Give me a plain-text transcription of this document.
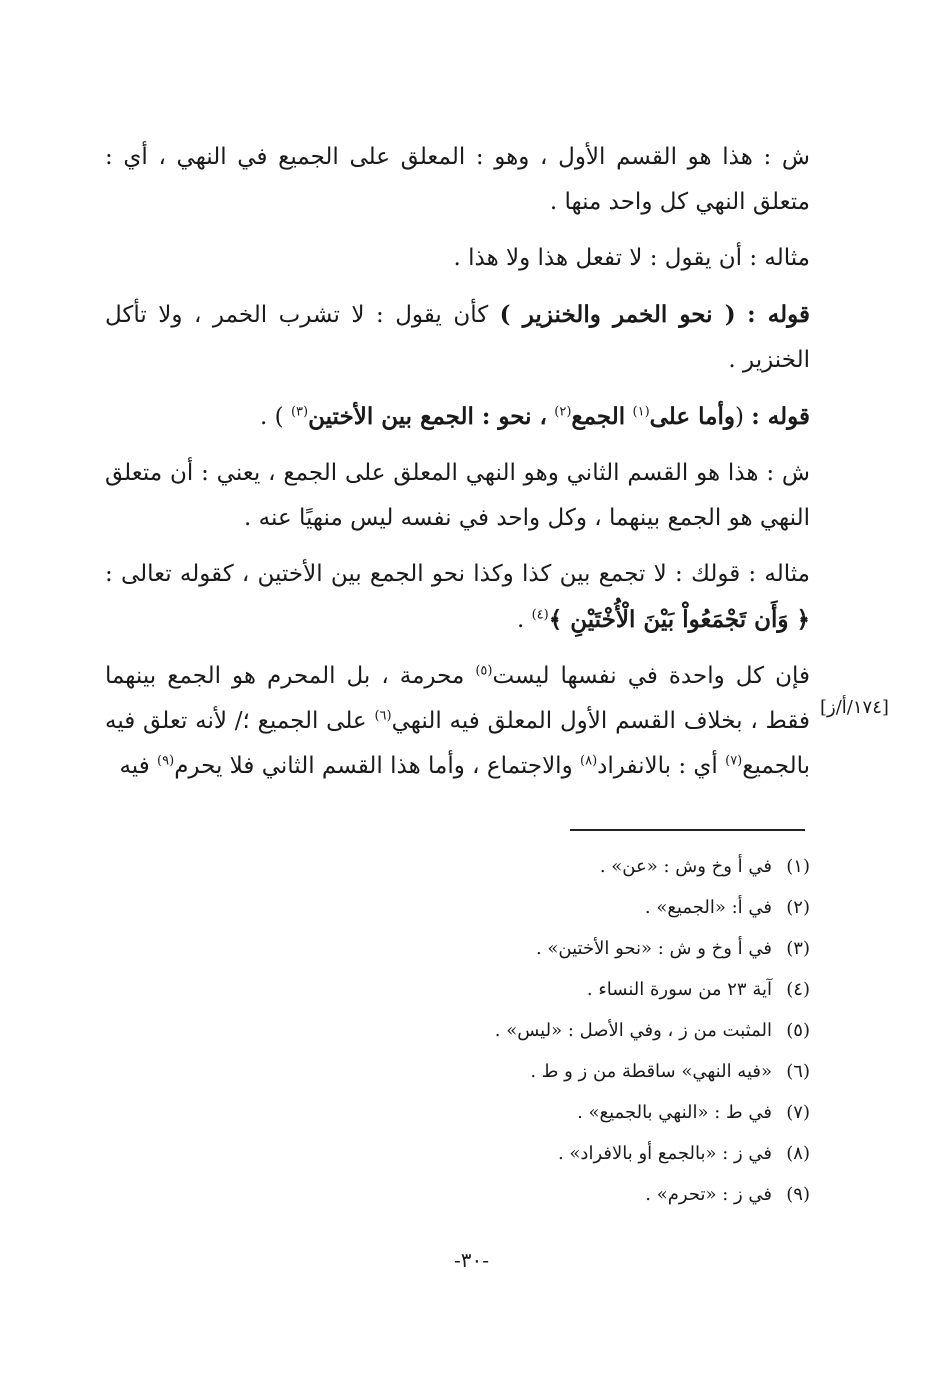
ش : هذا هو القسم الأول ، وهو : المعلق على الجميع في النهي ، أي : متعلق النهي كل واحد منها .

مثاله : أن يقول : لا تفعل هذا ولا هذا .

قوله : ( نحو الخمر والخنزير ) كأن يقول : لا تشرب الخمر ، ولا تأكل الخنزير .

قوله : (وأما على$^{(١)}$ الجمع$^{(٢)}$ ، نحو : الجمع بين الأختين$^{(٣)}$ ) .

ش : هذا هو القسم الثاني وهو النهي المعلق على الجمع ، يعني : أن متعلق النهي هو الجمع بينهما ، وكل واحد في نفسه ليس منهيًا عنه .

مثاله : قولك : لا تجمع بين كذا وكذا نحو الجمع بين الأختين ، كقوله تعالى : ﴿ وَأَن تَجْمَعُواْ بَيْنَ الْأُخْتَيْنِ ﴾$^{(٤)}$ .

فإن كل واحدة في نفسها ليست$^{(٥)}$ محرمة ، بل المحرم هو الجمع بينهما فقط ، بخلاف القسم الأول المعلق فيه النهي$^{(٦)}$ على الجميع ؛/ لأنه تعلق فيه بالجميع$^{(٧)}$ أي : بالانفراد$^{(٨)}$ والاجتماع ، وأما هذا القسم الثاني فلا يحرم$^{(٩)}$ فيه

[١٧٤/أ/ز]
(١)في أ وخ وش : «عن» .
(٢)في أ: «الجميع» .
(٣)في أ وخ و ش : «نحو الأختين» .
(٤)آية ٢٣ من سورة النساء .
(٥)المثبت من ز ، وفي الأصل : «ليس» .
(٦)«فيه النهي» ساقطة من ز و ط .
(٧)في ط : «النهي بالجميع» .
(٨)في ز : «بالجمع أو بالافراد» .
(٩)في ز : «تحرم» .
-٣٠-
